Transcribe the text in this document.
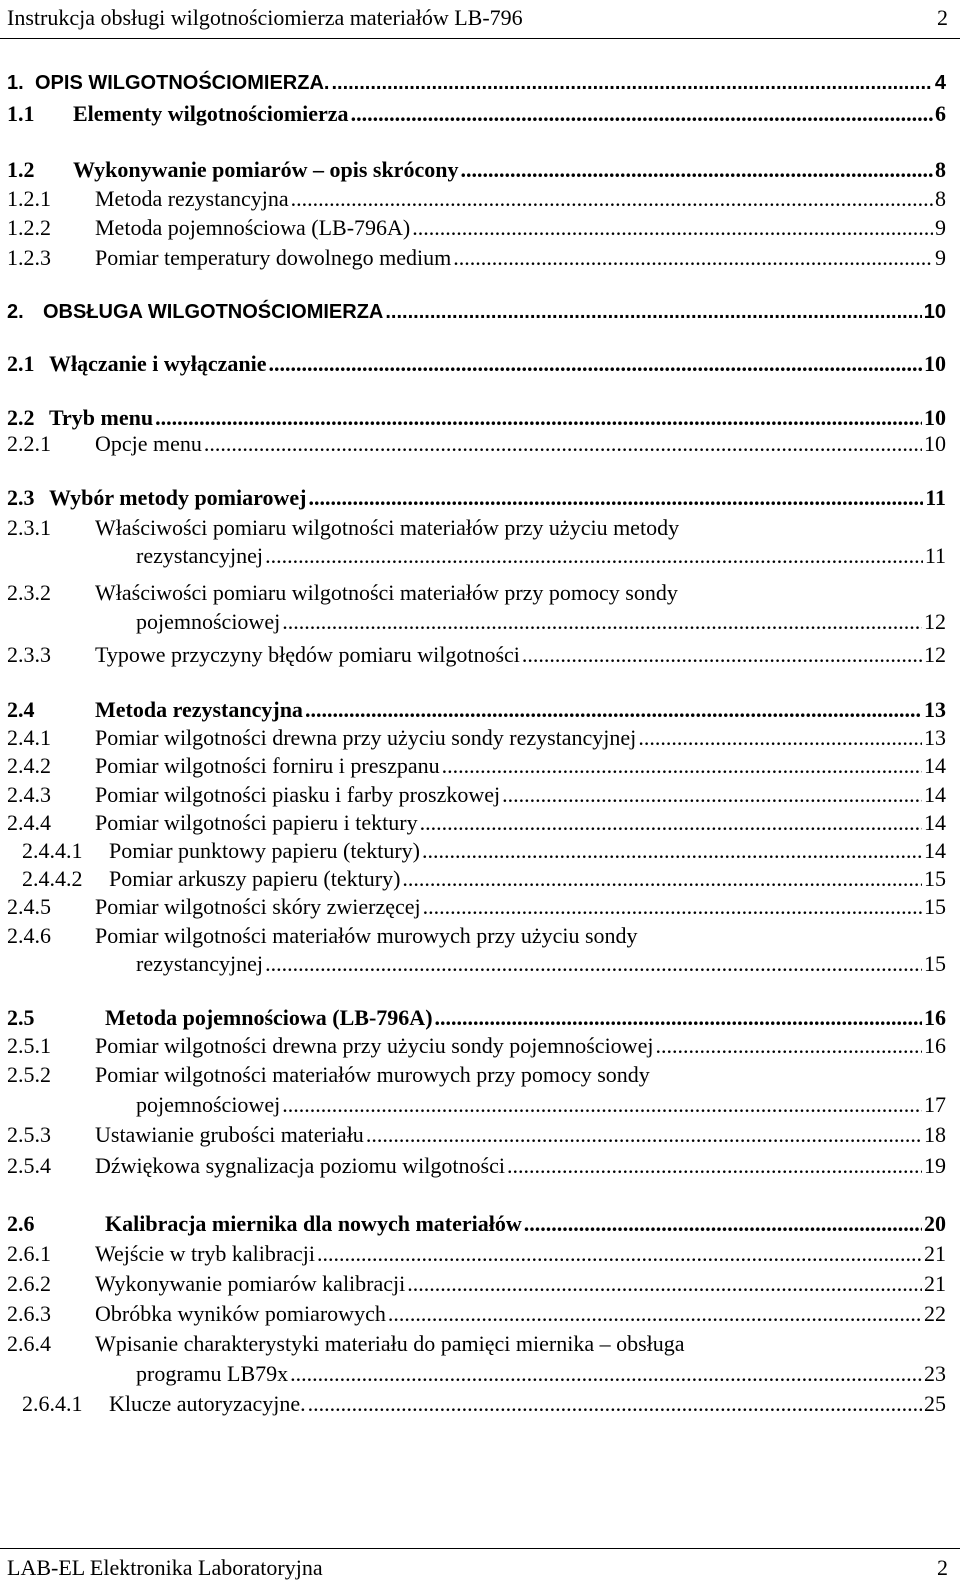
Instrukcja obsługi wilgotnościomierza materiałów LB-796	2
1. OPIS WILGOTNOŚCIOMIERZA. .....	4
1.1	Elementy wilgotnościomierza .....	6
1.2	Wykonywanie pomiarów – opis skrócony .....	8
1.2.1	Metoda rezystancyjna .....	8
1.2.2	Metoda pojemnościowa (LB-796A) .....	9
1.2.3	Pomiar temperatury dowolnego medium .....	9
2. OBSŁUGA WILGOTNOŚCIOMIERZA .....	10
2.1 Włączanie i wyłączanie .....	10
2.2 Tryb menu .....	10
2.2.1	Opcje menu .....	10
2.3 Wybór metody pomiarowej .....	11
2.3.1 Właściwości pomiaru wilgotności materiałów przy użyciu metody
rezystancyjnej .....	11
2.3.2 Właściwości pomiaru wilgotności materiałów przy pomocy sondy
pojemnościowej .....	12
2.3.3	Typowe przyczyny błędów pomiaru wilgotności .....	12
2.4	Metoda rezystancyjna .....	13
2.4.1	Pomiar wilgotności drewna przy użyciu sondy rezystancyjnej .....	13
2.4.2	Pomiar wilgotności forniru i preszpanu .....	14
2.4.3	Pomiar wilgotności piasku i farby proszkowej .....	14
2.4.4	Pomiar wilgotności papieru i tektury .....	14
2.4.4.1	Pomiar punktowy papieru (tektury) .....	14
2.4.4.2	Pomiar arkuszy papieru (tektury) .....	15
2.4.5	Pomiar wilgotności skóry zwierzęcej .....	15
2.4.6 Pomiar wilgotności materiałów murowych przy użyciu sondy
rezystancyjnej .....	15
2.5	Metoda pojemnościowa (LB-796A) .....	16
2.5.1	Pomiar wilgotności drewna przy użyciu sondy pojemnościowej .....	16
2.5.2 Pomiar wilgotności materiałów murowych przy pomocy sondy
pojemnościowej .....	17
2.5.3	Ustawianie grubości materiału .....	18
2.5.4	Dźwiękowa sygnalizacja poziomu wilgotności .....	19
2.6	Kalibracja miernika dla nowych materiałów .....	20
2.6.1	Wejście w tryb kalibracji .....	21
2.6.2	Wykonywanie pomiarów kalibracji .....	21
2.6.3	Obróbka wyników pomiarowych .....	22
2.6.4 Wpisanie charakterystyki materiału do pamięci miernika – obsługa
programu LB79x .....	23
2.6.4.1	Klucze autoryzacyjne. .....	25
LAB-EL Elektronika Laboratoryjna	2
